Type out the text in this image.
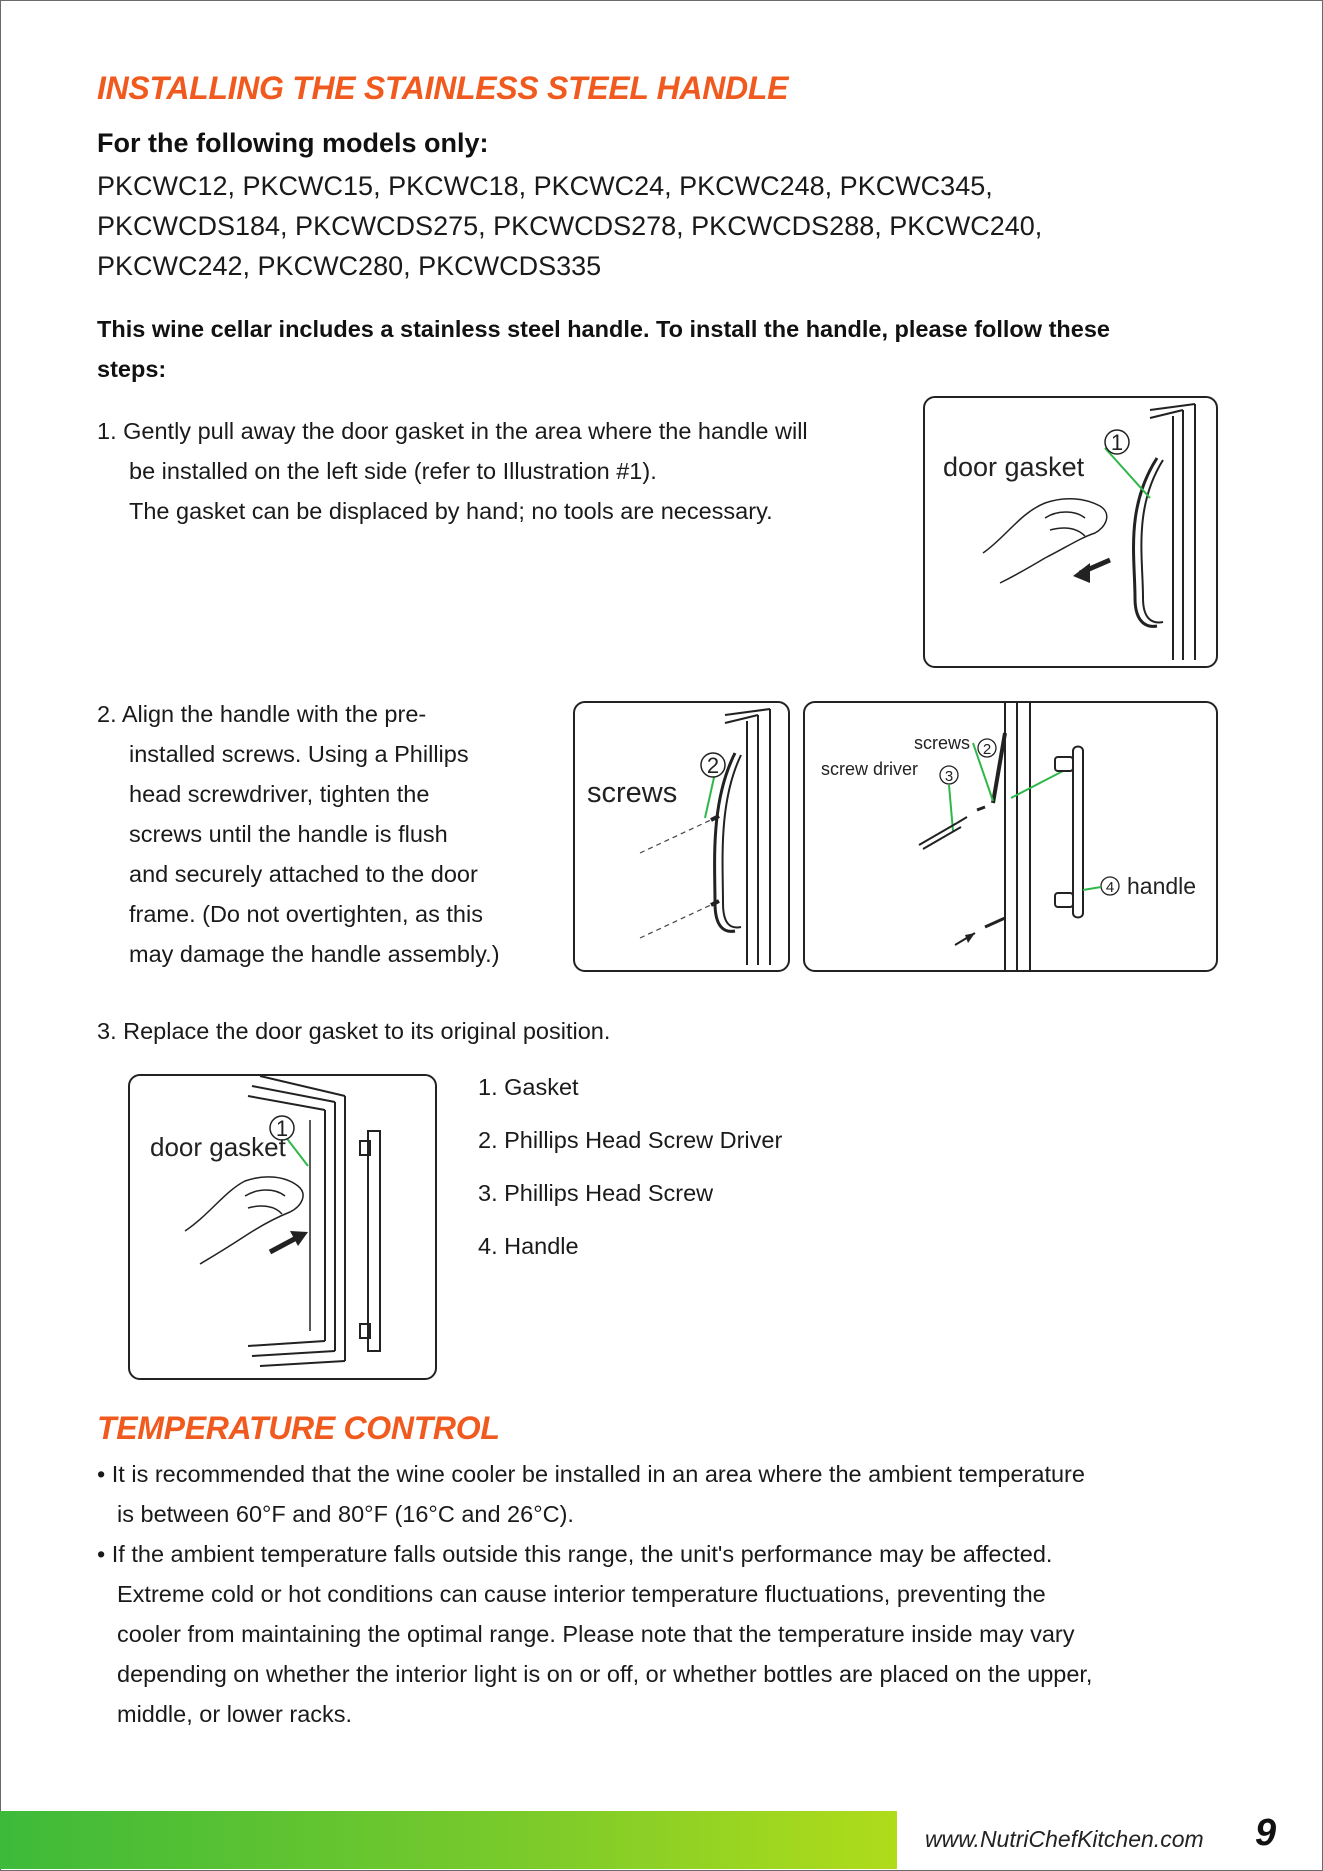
INSTALLING THE STAINLESS STEEL HANDLE

For the following models only:

PKCWC12, PKCWC15, PKCWC18, PKCWC24, PKCWC248, PKCWC345,
PKCWCDS184, PKCWCDS275, PKCWCDS278, PKCWCDS288, PKCWC240,
PKCWC242, PKCWC280, PKCWCDS335
This wine cellar includes a stainless steel handle. To install the handle, please follow these
steps:
1. Gently pull away the door gasket in the area where the handle will
be installed on the left side (refer to Illustration #1).
The gasket can be displaced by hand; no tools are necessary.
1
door gasket
2. Align the handle with the pre-
installed screws. Using a Phillips
head screwdriver, tighten the
screws until the handle is flush
and securely attached to the door
frame. (Do not overtighten, as this
may damage the handle assembly.)
2
screws
2
screws
screw driver 3
4 handle
3. Replace the door gasket to its original position.
1
door gasket
1. Gasket
2. Phillips Head Screw Driver
3. Phillips Head Screw
4. Handle
TEMPERATURE CONTROL
• It is recommended that the wine cooler be installed in an area where the ambient temperature
is between 60°F and 80°F (16°C and 26°C).
• If the ambient temperature falls outside this range, the unit's performance may be affected.
Extreme cold or hot conditions can cause interior temperature fluctuations, preventing the
cooler from maintaining the optimal range. Please note that the temperature inside may vary
depending on whether the interior light is on or off, or whether bottles are placed on the upper,
middle, or lower racks.
www.NutriChefKitchen.com 9
